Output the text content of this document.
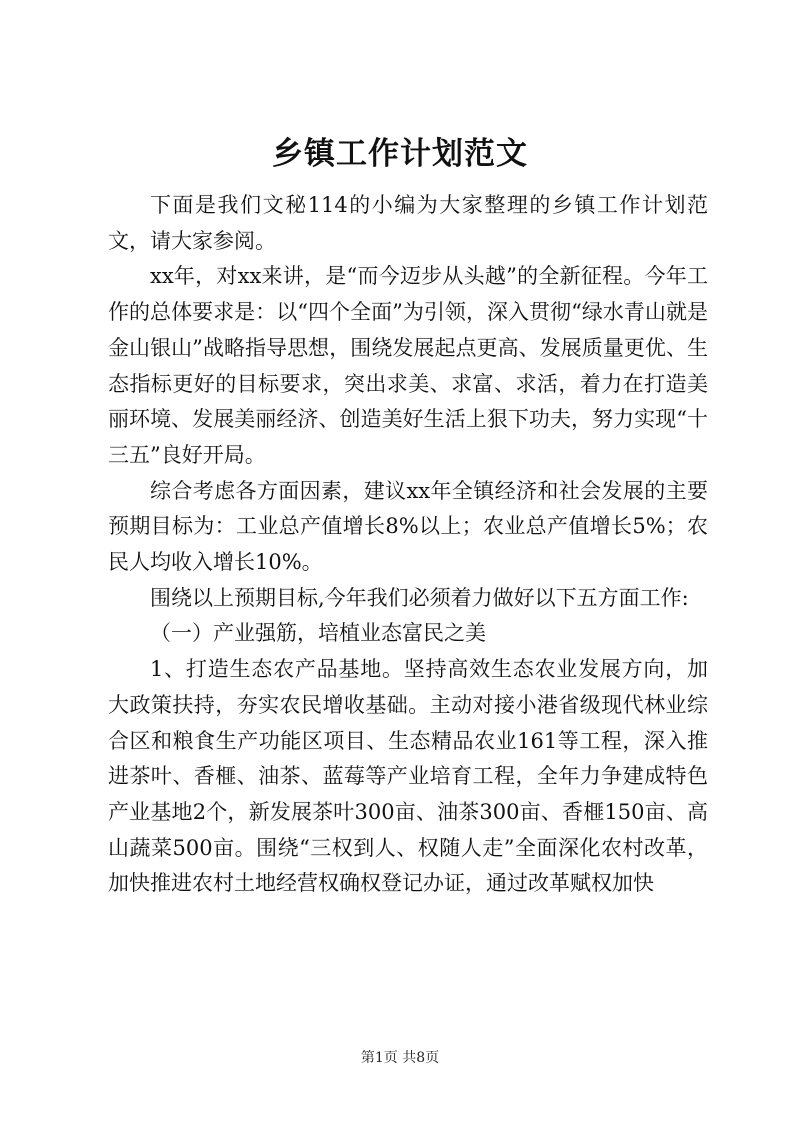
乡镇工作计划范文

下面是我们文秘114的小编为大家整理的乡镇工作计划范文，请大家参阅。

xx年，对xx来讲，是“而今迈步从头越”的全新征程。今年工作的总体要求是：以“四个全面”为引领，深入贯彻“绿水青山就是金山银山”战略指导思想，围绕发展起点更高、发展质量更优、生态指标更好的目标要求，突出求美、求富、求活，着力在打造美丽环境、发展美丽经济、创造美好生活上狠下功夫，努力实现“十三五”良好开局。

综合考虑各方面因素，建议xx年全镇经济和社会发展的主要预期目标为：工业总产值增长8%以上；农业总产值增长5%；农民人均收入增长10%。

围绕以上预期目标,今年我们必须着力做好以下五方面工作:

（一）产业强筋，培植业态富民之美

1、打造生态农产品基地。坚持高效生态农业发展方向，加大政策扶持，夯实农民增收基础。主动对接小港省级现代林业综合区和粮食生产功能区项目、生态精品农业161等工程，深入推进茶叶、香榧、油茶、蓝莓等产业培育工程，全年力争建成特色产业基地2个，新发展茶叶300亩、油茶300亩、香榧150亩、高山蔬菜500亩。围绕“三权到人、权随人走”全面深化农村改革，加快推进农村土地经营权确权登记办证，通过改革赋权加快

第1页 共8页
